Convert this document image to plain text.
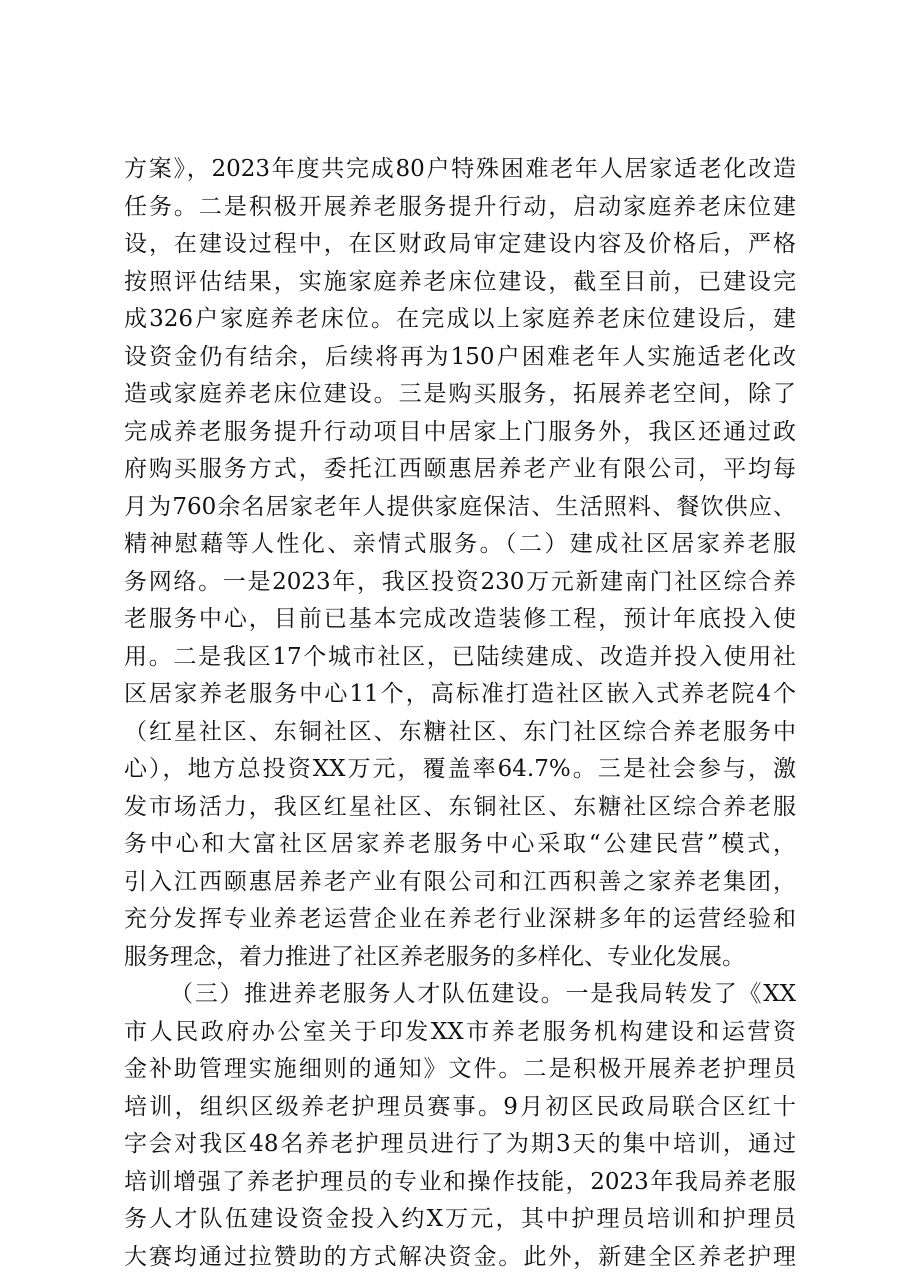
方案》，2023年度共完成80户特殊困难老年人居家适老化改造
任务。二是积极开展养老服务提升行动，启动家庭养老床位建
设，在建设过程中，在区财政局审定建设内容及价格后，严格
按照评估结果，实施家庭养老床位建设，截至目前，已建设完
成326户家庭养老床位。在完成以上家庭养老床位建设后，建
设资金仍有结余，后续将再为150户困难老年人实施适老化改
造或家庭养老床位建设。三是购买服务，拓展养老空间，除了
完成养老服务提升行动项目中居家上门服务外，我区还通过政
府购买服务方式，委托江西颐惠居养老产业有限公司，平均每
月为760余名居家老年人提供家庭保洁、生活照料、餐饮供应、
精神慰藉等人性化、亲情式服务。（二）建成社区居家养老服
务网络。一是2023年，我区投资230万元新建南门社区综合养
老服务中心，目前已基本完成改造装修工程，预计年底投入使
用。二是我区17个城市社区，已陆续建成、改造并投入使用社
区居家养老服务中心11个，高标准打造社区嵌入式养老院4个
（红星社区、东铜社区、东糖社区、东门社区综合养老服务中
心），地方总投资XX万元，覆盖率64.7%。三是社会参与，激
发市场活力，我区红星社区、东铜社区、东糖社区综合养老服
务中心和大富社区居家养老服务中心采取“公建民营”模式，
引入江西颐惠居养老产业有限公司和江西积善之家养老集团，
充分发挥专业养老运营企业在养老行业深耕多年的运营经验和
服务理念，着力推进了社区养老服务的多样化、专业化发展。
（三）推进养老服务人才队伍建设。一是我局转发了《XX
市人民政府办公室关于印发XX市养老服务机构建设和运营资
金补助管理实施细则的通知》文件。二是积极开展养老护理员
培训，组织区级养老护理员赛事。9月初区民政局联合区红十
字会对我区48名养老护理员进行了为期3天的集中培训，通过
培训增强了养老护理员的专业和操作技能，2023年我局养老服
务人才队伍建设资金投入约X万元，其中护理员培训和护理员
大赛均通过拉赞助的方式解决资金。此外，新建全区养老护理
